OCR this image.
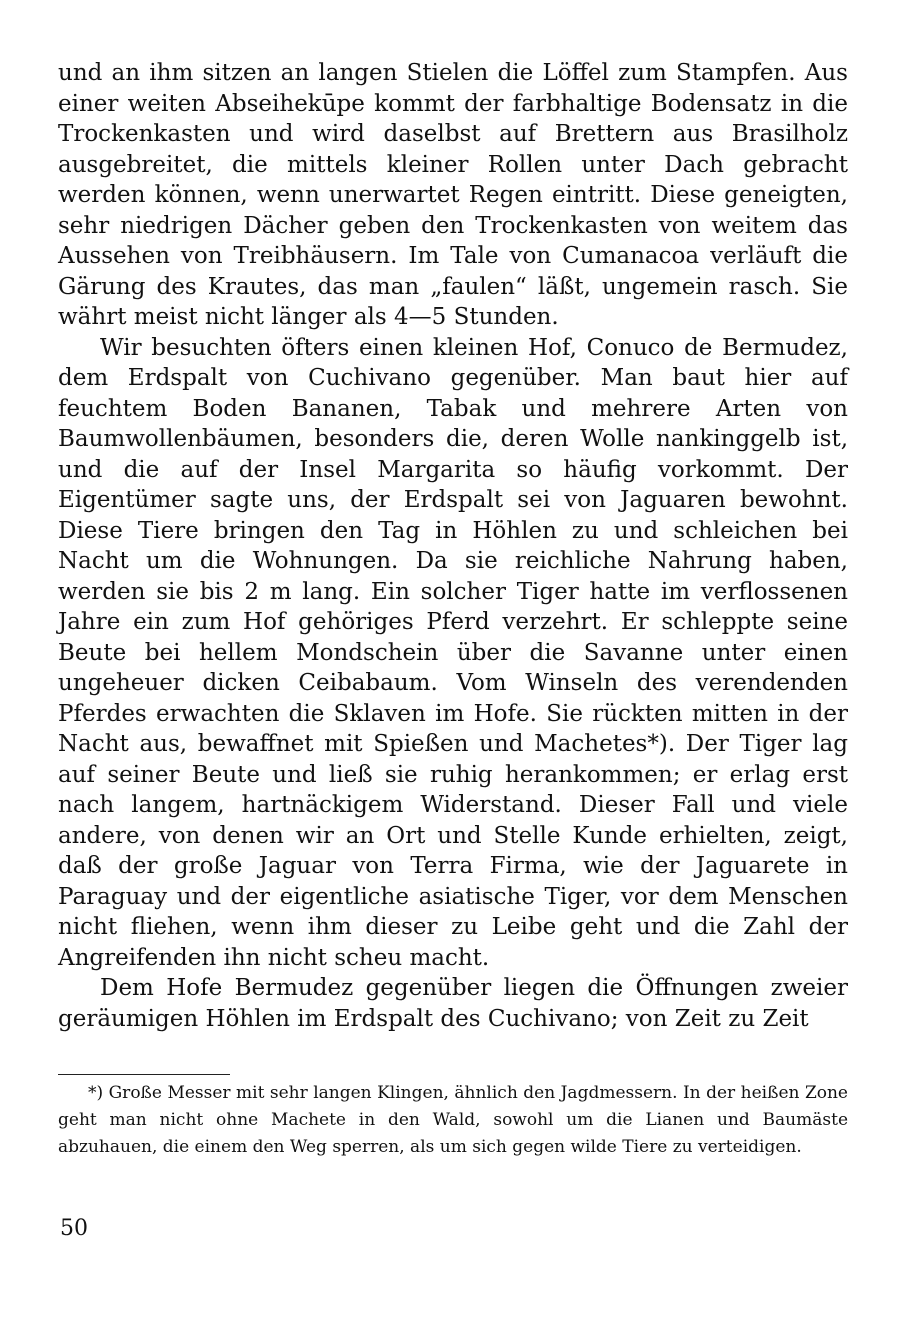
und an ihm sitzen an langen Stielen die Löffel zum Stampfen. Aus einer weiten Abseihekūpe kommt der farbhaltige Bodensatz in die Trockenkasten und wird daselbst auf Brettern aus Brasilholz ausgebreitet, die mittels kleiner Rollen unter Dach gebracht werden können, wenn unerwartet Regen eintritt. Diese geneigten, sehr niedrigen Dächer geben den Trockenkasten von weitem das Aussehen von Treibhäusern. Im Tale von Cumanacoa verläuft die Gärung des Krautes, das man „faulen“ läßt, ungemein rasch. Sie währt meist nicht länger als 4—5 Stunden.

Wir besuchten öfters einen kleinen Hof, Conuco de Bermudez, dem Erdspalt von Cuchivano gegenüber. Man baut hier auf feuchtem Boden Bananen, Tabak und mehrere Arten von Baumwollenbäumen, besonders die, deren Wolle nankinggelb ist, und die auf der Insel Margarita so häufig vorkommt. Der Eigentümer sagte uns, der Erdspalt sei von Jaguaren bewohnt. Diese Tiere bringen den Tag in Höhlen zu und schleichen bei Nacht um die Wohnungen. Da sie reichliche Nahrung haben, werden sie bis 2 m lang. Ein solcher Tiger hatte im verflossenen Jahre ein zum Hof gehöriges Pferd verzehrt. Er schleppte seine Beute bei hellem Mondschein über die Savanne unter einen ungeheuer dicken Ceibabaum. Vom Winseln des verendenden Pferdes erwachten die Sklaven im Hofe. Sie rückten mitten in der Nacht aus, bewaffnet mit Spießen und Machetes*). Der Tiger lag auf seiner Beute und ließ sie ruhig herankommen; er erlag erst nach langem, hartnäckigem Widerstand. Dieser Fall und viele andere, von denen wir an Ort und Stelle Kunde erhielten, zeigt, daß der große Jaguar von Terra Firma, wie der Jaguarete in Paraguay und der eigentliche asiatische Tiger, vor dem Menschen nicht fliehen, wenn ihm dieser zu Leibe geht und die Zahl der Angreifenden ihn nicht scheu macht.

Dem Hofe Bermudez gegenüber liegen die Öffnungen zweier geräumigen Höhlen im Erdspalt des Cuchivano; von Zeit zu Zeit

*) Große Messer mit sehr langen Klingen, ähnlich den Jagdmessern. In der heißen Zone geht man nicht ohne Machete in den Wald, sowohl um die Lianen und Baumäste abzuhauen, die einem den Weg sperren, als um sich gegen wilde Tiere zu verteidigen.
50
